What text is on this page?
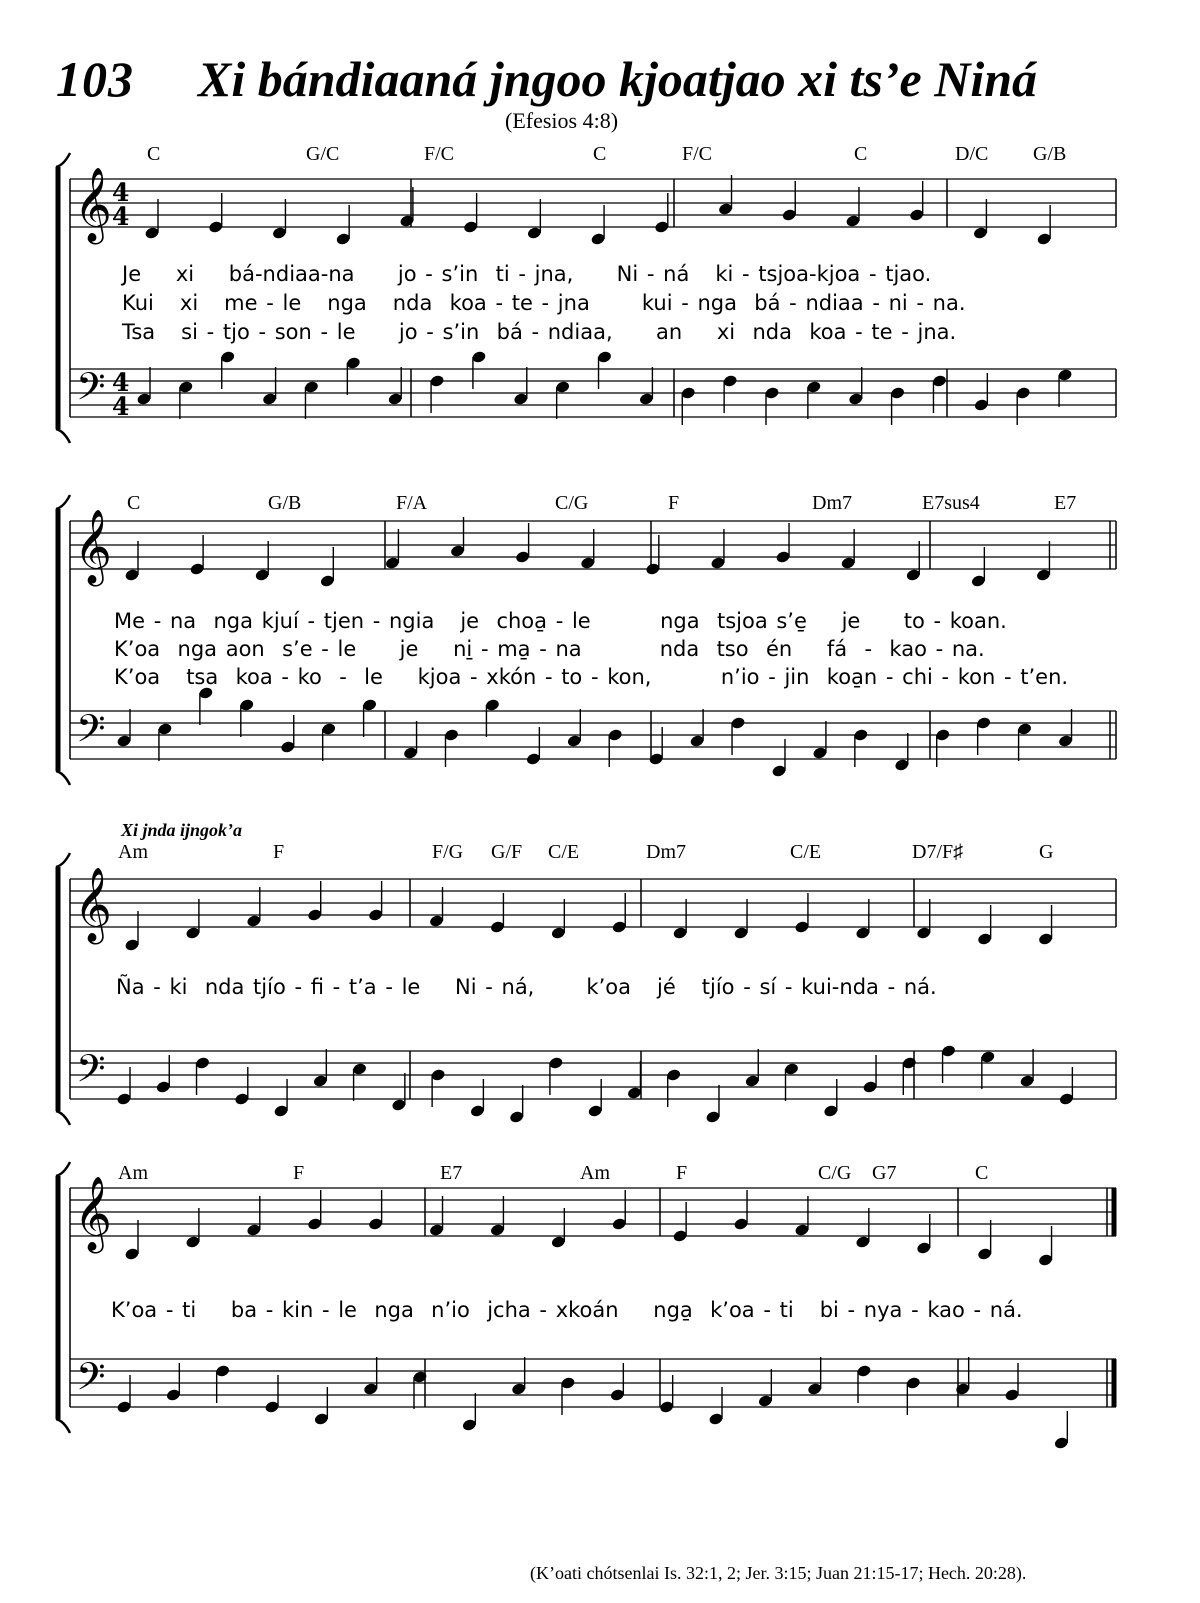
103 Xi bándiaaná jngoo kjoatjao xi ts’e Niná
(Efesios 4:8)
C	G/C	F/C	C	F/C	C	D/C G/B
Je    xi    bá-ndiaa-na     jo - s’in  ti - jna,     Ni - ná   ki - tsjoa-kjoa - tjao.
Kui   xi   me - le   nga   nda  koa - te - jna      kui - nga  bá - ndiaa - ni - na.
Tsa   si - tjo - son - le     jo - s’in  bá - ndiaa,     an    xi  nda  koa - te - jna.
C	G/B	F/A	C/G	F	Dm7	E7sus4	E7
Me - na  nga kjuí - tjen - ngia   je  choa̱ - le        nga  tsjoa s’e̱    je     to - koan.
K’oa  nga aon  s’e - le     je    ni̱ - ma̱ - na         nda  tso  én    fá  -  kao - na.
K’oa   tsa  koa - ko  -  le    kjoa - xkón - to - kon,        n’io - jin  koa̱n - chi - kon - t’en.
Xi jnda ijngok’a
Am	F	F/G G/F C/E	Dm7	C/E	D7/F♯	G
Ña - ki  nda tjío - fi - t’a - le    Ni - ná,      k’oa   jé   tjío - sí - kui-nda - ná.
Am	F	E7	Am	F	C/G G7	C
K’oa - ti    ba - kin - le  nga  n’io  jcha - xkoán    nga̱  k’oa - ti   bi - nya - kao - ná.
𝄞
𝄢
4
4
4
4
𝄞
𝄢
𝄞
𝄢
𝄞
𝄢
(K’oati chótsenlai Is. 32:1, 2; Jer. 3:15; Juan 21:15-17; Hech. 20:28).
